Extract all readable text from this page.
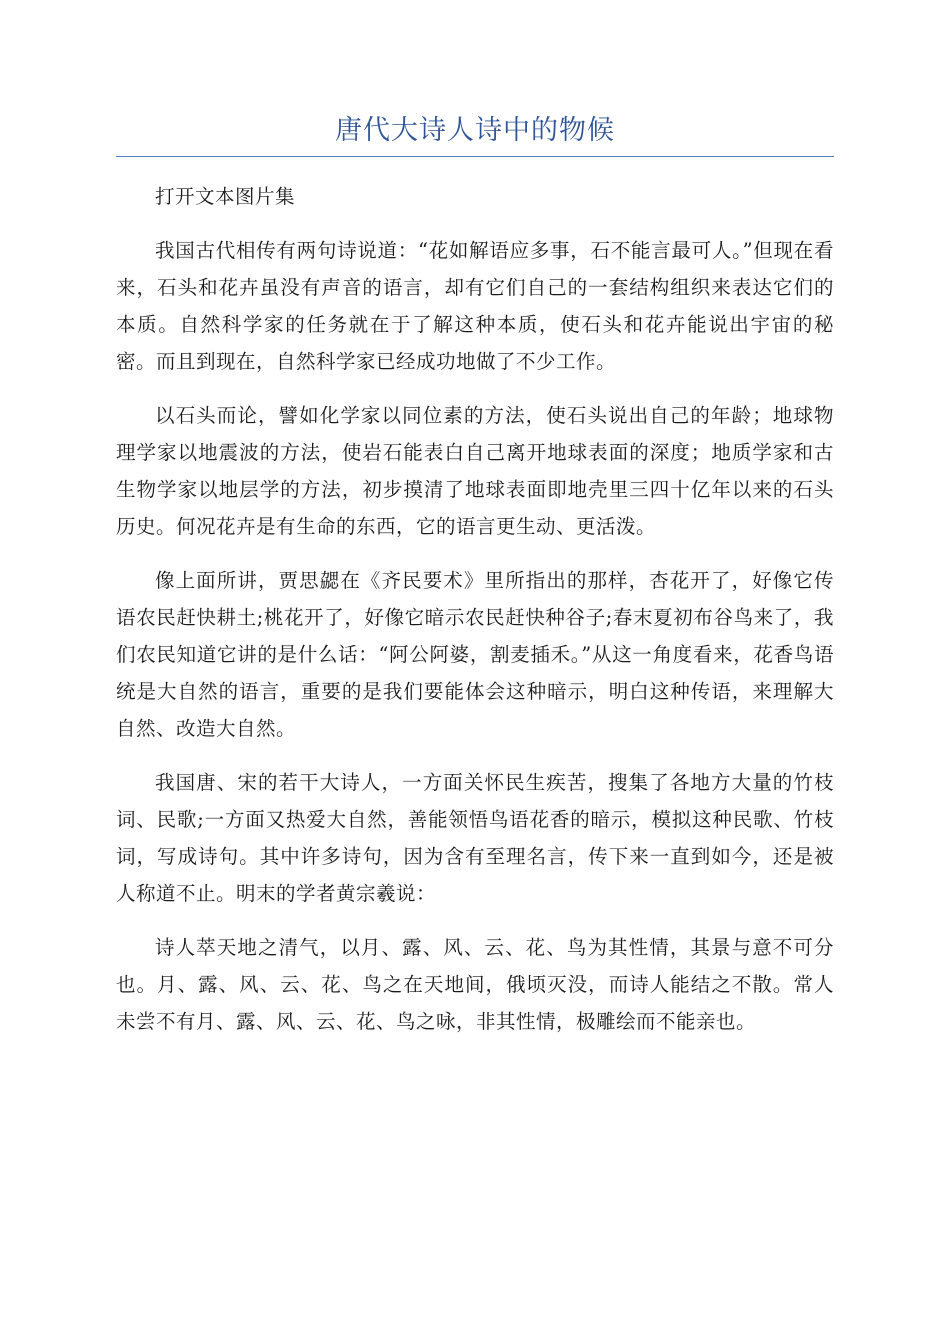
唐代大诗人诗中的物候

打开文本图片集

我国古代相传有两句诗说道：“花如解语应多事，石不能言最可人。”但现在看来，石头和花卉虽没有声音的语言，却有它们自己的一套结构组织来表达它们的本质。自然科学家的任务就在于了解这种本质，使石头和花卉能说出宇宙的秘密。而且到现在，自然科学家已经成功地做了不少工作。

以石头而论，譬如化学家以同位素的方法，使石头说出自己的年龄；地球物理学家以地震波的方法，使岩石能表白自己离开地球表面的深度；地质学家和古生物学家以地层学的方法，初步摸清了地球表面即地壳里三四十亿年以来的石头历史。何况花卉是有生命的东西，它的语言更生动、更活泼。

像上面所讲，贾思勰在《齐民要术》里所指出的那样，杏花开了，好像它传语农民赶快耕土;桃花开了，好像它暗示农民赶快种谷子;春末夏初布谷鸟来了，我们农民知道它讲的是什么话：“阿公阿婆，割麦插禾。”从这一角度看来，花香鸟语统是大自然的语言，重要的是我们要能体会这种暗示，明白这种传语，来理解大自然、改造大自然。

我国唐、宋的若干大诗人，一方面关怀民生疾苦，搜集了各地方大量的竹枝词、民歌;一方面又热爱大自然，善能领悟鸟语花香的暗示，模拟这种民歌、竹枝词，写成诗句。其中许多诗句，因为含有至理名言，传下来一直到如今，还是被人称道不止。明末的学者黄宗羲说：

诗人萃天地之清气，以月、露、风、云、花、鸟为其性情，其景与意不可分也。月、露、风、云、花、鸟之在天地间，俄顷灭没，而诗人能结之不散。常人未尝不有月、露、风、云、花、鸟之咏，非其性情，极雕绘而不能亲也。
